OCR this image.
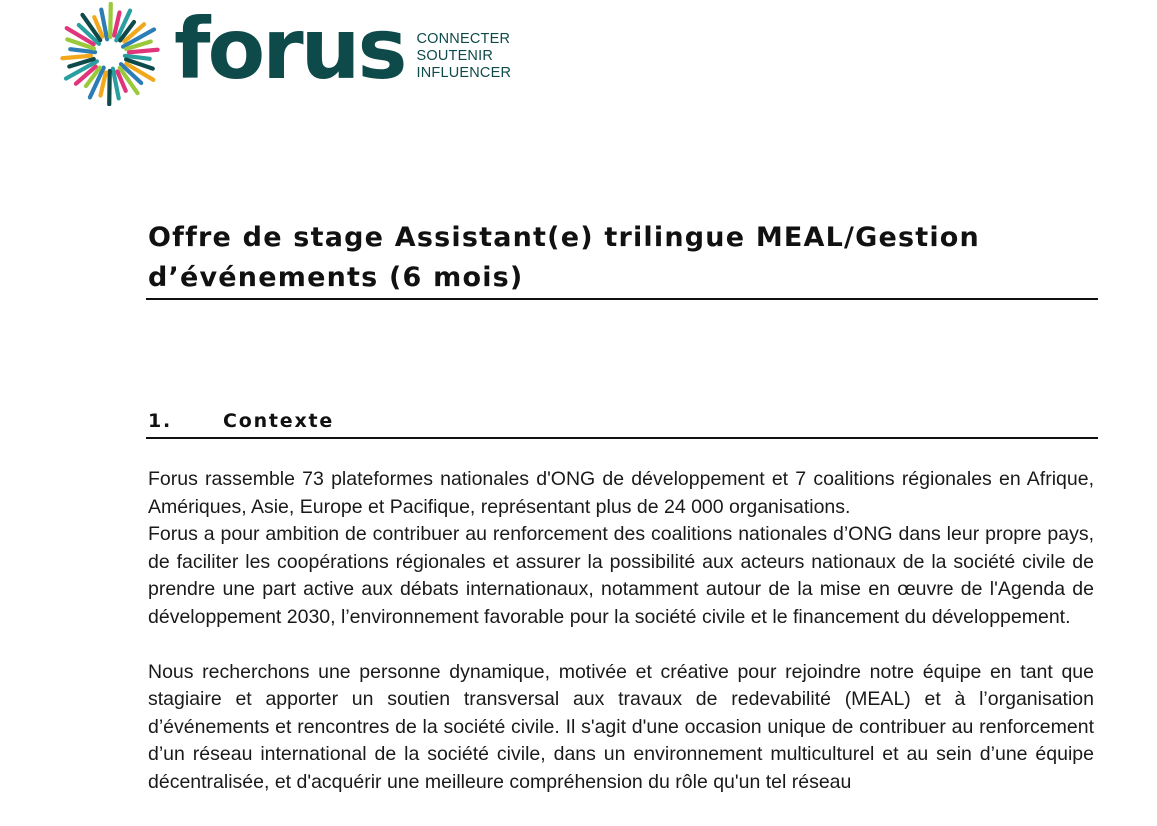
forus CONNECTER
SOUTENIR
INFLUENCER
Offre de stage Assistant(e) trilingue MEAL/Gestion d’événements (6 mois)
1.	Contexte

Forus rassemble 73 plateformes nationales d'ONG de développement et 7 coalitions régionales en Afrique, Amériques, Asie, Europe et Pacifique, représentant plus de 24 000 organisations.

Forus a pour ambition de contribuer au renforcement des coalitions nationales d’ONG dans leur propre pays, de faciliter les coopérations régionales et assurer la possibilité aux acteurs nationaux de la société civile de prendre une part active aux débats internationaux, notamment autour de la mise en œuvre de l'Agenda de développement 2030, l’environnement favorable pour la société civile et le financement du développement.

Nous recherchons une personne dynamique, motivée et créative pour rejoindre notre équipe en tant que stagiaire et apporter un soutien transversal aux travaux de redevabilité (MEAL) et à l’organisation d’événements et rencontres de la société civile. Il s'agit d'une occasion unique de contribuer au renforcement d’un réseau international de la société civile, dans un environnement multiculturel et au sein d’une équipe décentralisée, et d'acquérir une meilleure compréhension du rôle qu'un tel réseau
